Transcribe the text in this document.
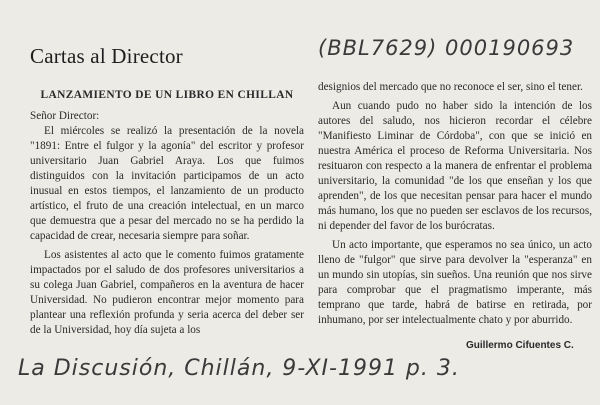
Cartas al Director	(BBL7629) 000190693

LANZAMIENTO DE UN LIBRO EN CHILLAN

Señor Director:

El miércoles se realizó la presentación de la novela "1891: Entre el fulgor y la agonía" del escritor y profesor universitario Juan Gabriel Araya. Los que fuimos distinguidos con la invitación participamos de un acto inusual en estos tiempos, el lanzamiento de un producto artístico, el fruto de una creación intelectual, en un marco que demuestra que a pesar del mercado no se ha perdido la capacidad de crear, necesaria siempre para soñar.

Los asistentes al acto que le comento fuimos gratamente impactados por el saludo de dos profesores universitarios a su colega Juan Gabriel, compañeros en la aventura de hacer Universidad. No pudieron encontrar mejor momento para plantear una reflexión profunda y seria acerca del deber ser de la Universidad, hoy día sujeta a los

designios del mercado que no reconoce el ser, sino el tener.

Aun cuando pudo no haber sido la intención de los autores del saludo, nos hicieron recordar el célebre "Manifiesto Liminar de Córdoba", con que se inició en nuestra América el proceso de Reforma Universitaria. Nos resituaron con respecto a la manera de enfrentar el problema universitario, la comunidad "de los que enseñan y los que aprenden", de los que necesitan pensar para hacer el mundo más humano, los que no pueden ser esclavos de los recursos, ni depender del favor de los burócratas.

Un acto importante, que esperamos no sea único, un acto lleno de "fulgor" que sirve para devolver la "esperanza" en un mundo sin utopías, sin sueños. Una reunión que nos sirve para comprobar que el pragmatismo imperante, más temprano que tarde, habrá de batirse en retirada, por inhumano, por ser intelectualmente chato y por aburrido.

Guillermo Cifuentes C.
La Discusión, Chillán, 9-XI-1991 p. 3.
